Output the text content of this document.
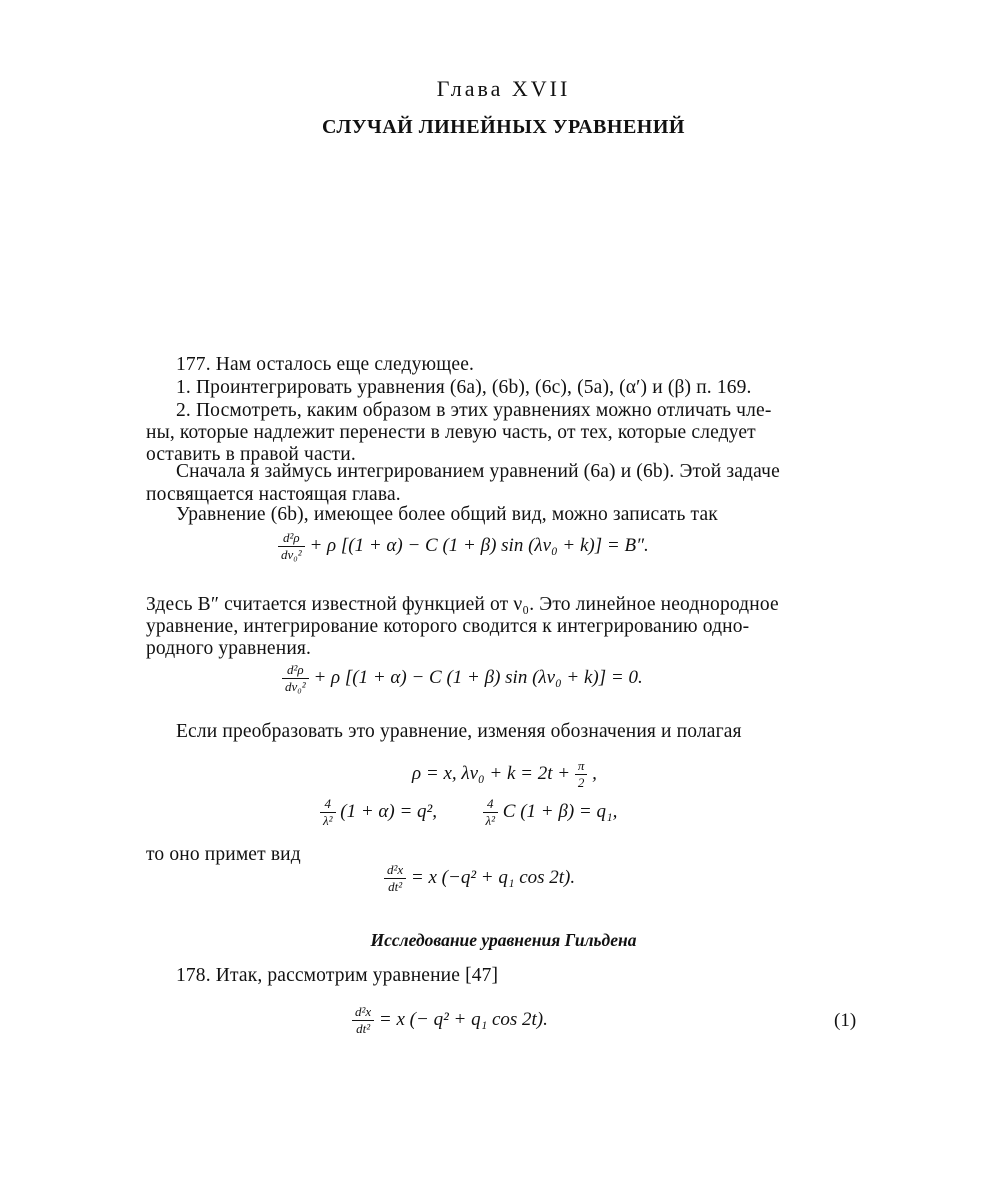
Глава XVII
СЛУЧАЙ ЛИНЕЙНЫХ УРАВНЕНИЙ
177. Нам осталось еще следующее.
1. Проинтегрировать уравнения (6а), (6b), (6с), (5а), (α′) и (β) п. 169.
2. Посмотреть, каким образом в этих уравнениях можно отличать чле-
ны, которые надлежит перенести в левую часть, от тех, которые следует
оставить в правой части.
Сначала я займусь интегрированием уравнений (6а) и (6b). Этой задаче
посвящается настоящая глава.
Уравнение (6b), имеющее более общий вид, можно записать так
$\frac{\text{d²ρ}}{\text{dν₀²}} + \rho$ [(1 + α) − C (1 + β) sin (λν₀ + k)] = B″.
Здесь B″ считается известной функцией от ν₀. Это линейное неоднородное
уравнение, интегрирование которого сводится к интегрированию одно-
родного уравнения.
$\frac{\text{d²ρ}}{\text{dν₀²}} + \rho$ [(1 + α) − C (1 + β) sin (λν₀ + k)] = 0.
Если преобразовать это уравнение, изменяя обозначения и полагая
ρ = x, $\lambda\nu_0 + k = 2t + \frac{\pi}{2}$ ,
$\frac{4}{\text{λ²}} (1 + \alpha) = q^2$,	$\frac{4}{\text{λ²}}$ C (1 + β) = q₁,
то оно примет вид
$\frac{\text{d²x}}{\text{dt²}} = x$ (−q² + q₁ cos 2t).
Исследование уравнения Гильдена
178. Итак, рассмотрим уравнение [47]
$\frac{\text{d²x}}{\text{dt²}} = x$ (− q² + q₁ cos 2t).	(1)
